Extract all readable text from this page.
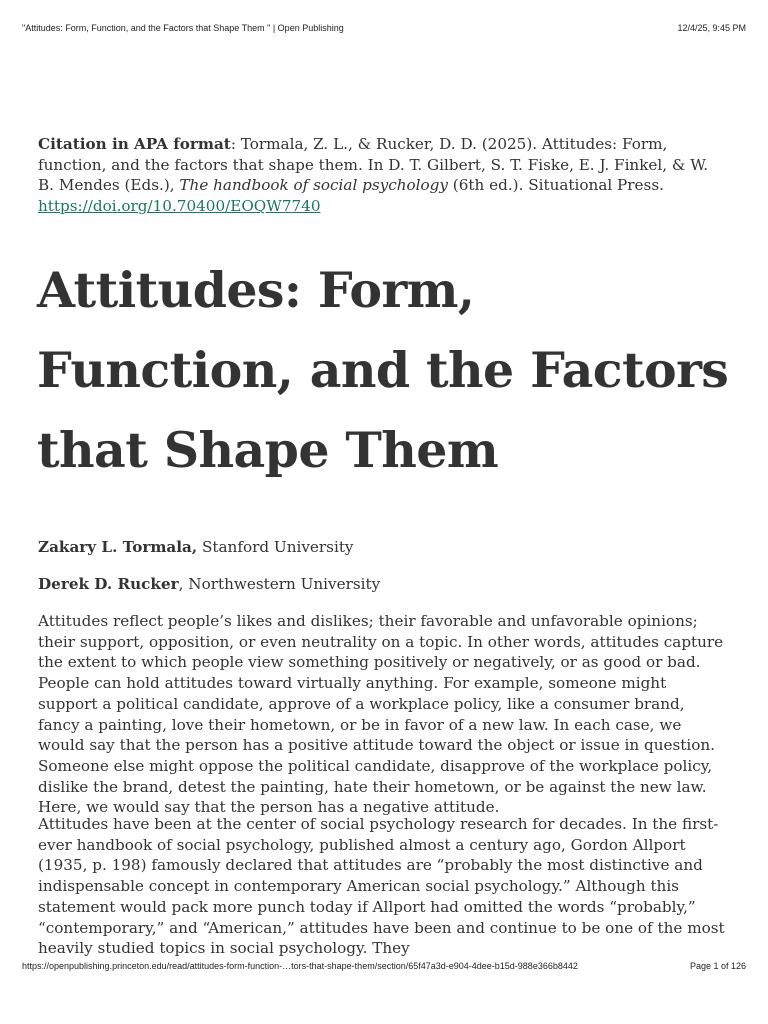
"Attitudes: Form, Function, and the Factors that Shape Them " | Open Publishing	12/4/25, 9:45 PM

Citation in APA format: Tormala, Z. L., & Rucker, D. D. (2025). Attitudes: Form, function, and the factors that shape them. In D. T. Gilbert, S. T. Fiske, E. J. Finkel, & W. B. Mendes (Eds.), The handbook of social psychology (6th ed.). Situational Press. https://doi.org/10.70400/EOQW7740

Attitudes: Form, Function, and the Factors that Shape Them

Zakary L. Tormala, Stanford University

Derek D. Rucker, Northwestern University

Attitudes reflect people’s likes and dislikes; their favorable and unfavorable opinions; their support, opposition, or even neutrality on a topic. In other words, attitudes capture the extent to which people view something positively or negatively, or as good or bad. People can hold attitudes toward virtually anything. For example, someone might support a political candidate, approve of a workplace policy, like a consumer brand, fancy a painting, love their hometown, or be in favor of a new law. In each case, we would say that the person has a positive attitude toward the object or issue in question. Someone else might oppose the political candidate, disapprove of the workplace policy, dislike the brand, detest the painting, hate their hometown, or be against the new law. Here, we would say that the person has a negative attitude.

Attitudes have been at the center of social psychology research for decades. In the first-ever handbook of social psychology, published almost a century ago, Gordon Allport (1935, p. 198) famously declared that attitudes are “probably the most distinctive and indispensable concept in contemporary American social psychology.” Although this statement would pack more punch today if Allport had omitted the words “probably,” “contemporary,” and “American,” attitudes have been and continue to be one of the most heavily studied topics in social psychology. They

https://openpublishing.princeton.edu/read/attitudes-form-function-…tors-that-shape-them/section/65f47a3d-e904-4dee-b15d-988e366b8442	Page 1 of 126
